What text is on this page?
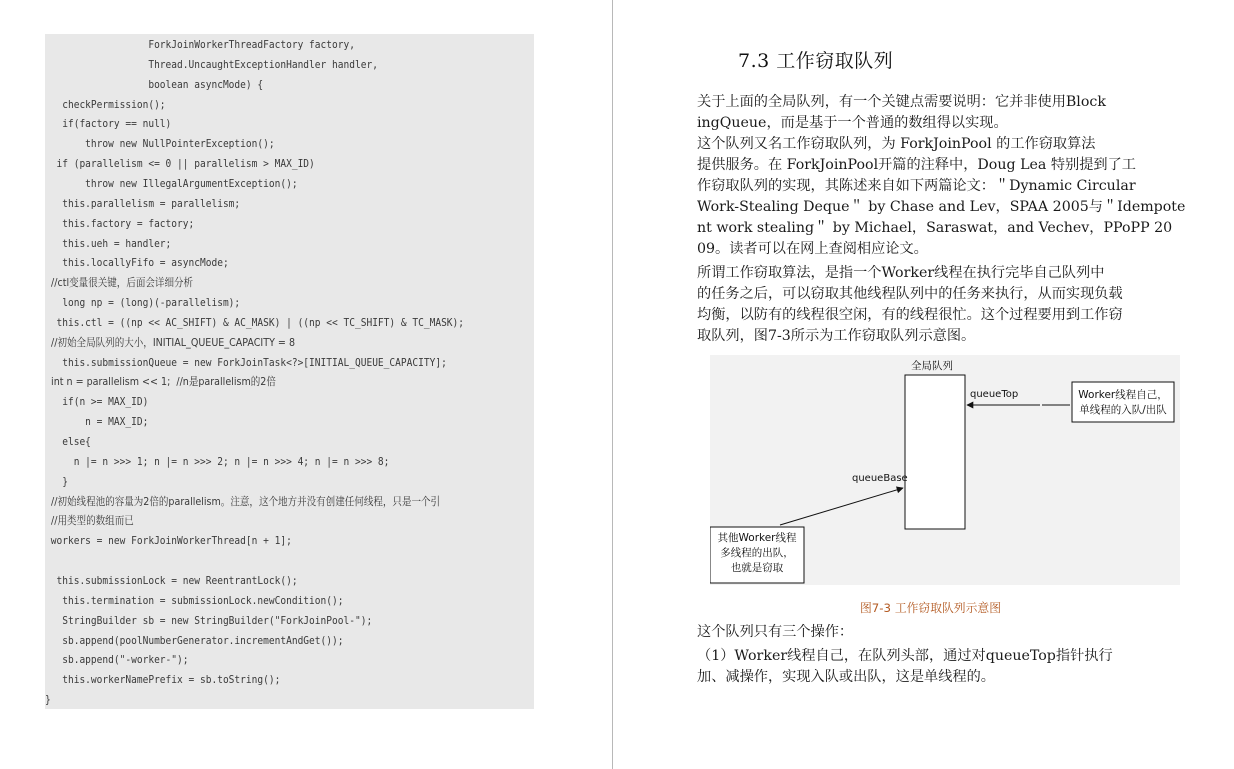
ForkJoinWorkerThreadFactory factory,
Thread.UncaughtExceptionHandler handler,
boolean asyncMode) {
checkPermission();
if(factory == null)
throw new NullPointerException();
if (parallelism <= 0 || parallelism > MAX_ID)
throw new IllegalArgumentException();
this.parallelism = parallelism;
this.factory = factory;
this.ueh = handler;
this.locallyFifo = asyncMode;
//ctl变量很关键，后面会详细分析
long np = (long)(-parallelism);
this.ctl = ((np << AC_SHIFT) & AC_MASK) | ((np << TC_SHIFT) & TC_MASK);
//初始全局队列的大小，INITIAL_QUEUE_CAPACITY = 8
this.submissionQueue = new ForkJoinTask<?>[INITIAL_QUEUE_CAPACITY];
int n = parallelism << 1;  //n是parallelism的2倍
if(n >= MAX_ID)
n = MAX_ID;
else{
n |= n >>> 1; n |= n >>> 2; n |= n >>> 4; n |= n >>> 8;
}
//初始线程池的容量为2倍的parallelism。注意，这个地方并没有创建任何线程，只是一个引
//用类型的数组而已
workers = new ForkJoinWorkerThread[n + 1];
this.submissionLock = new ReentrantLock();
this.termination = submissionLock.newCondition();
StringBuilder sb = new StringBuilder("ForkJoinPool-");
sb.append(poolNumberGenerator.incrementAndGet());
sb.append("-worker-");
this.workerNamePrefix = sb.toString();
}
7.3 工作窃取队列
关于上面的全局队列，有一个关键点需要说明：它并非使用Block
ingQueue，而是基于一个普通的数组得以实现。
这个队列又名工作窃取队列，为 ForkJoinPool 的工作窃取算法
提供服务。在 ForkJoinPool开篇的注释中，Doug Lea 特别提到了工
作窃取队列的实现，其陈述来自如下两篇论文：＂Dynamic Circular
Work-Stealing Deque＂ by Chase and Lev，SPAA 2005与＂Idempote
nt work stealing＂ by Michael，Saraswat，and Vechev，PPoPP 20
09。读者可以在网上查阅相应论文。
所谓工作窃取算法，是指一个Worker线程在执行完毕自己队列中
的任务之后，可以窃取其他线程队列中的任务来执行，从而实现负载
均衡，以防有的线程很空闲，有的线程很忙。这个过程要用到工作窃
取队列，图7-3所示为工作窃取队列示意图。
这个队列只有三个操作：
（1）Worker线程自己，在队列头部，通过对queueTop指针执行
加、减操作，实现入队或出队，这是单线程的。
全局队列
queueTop	Worker线程自己，
单线程的入队/出队
queueBase
其他Worker线程
多线程的出队，
也就是窃取
图7-3 工作窃取队列示意图
